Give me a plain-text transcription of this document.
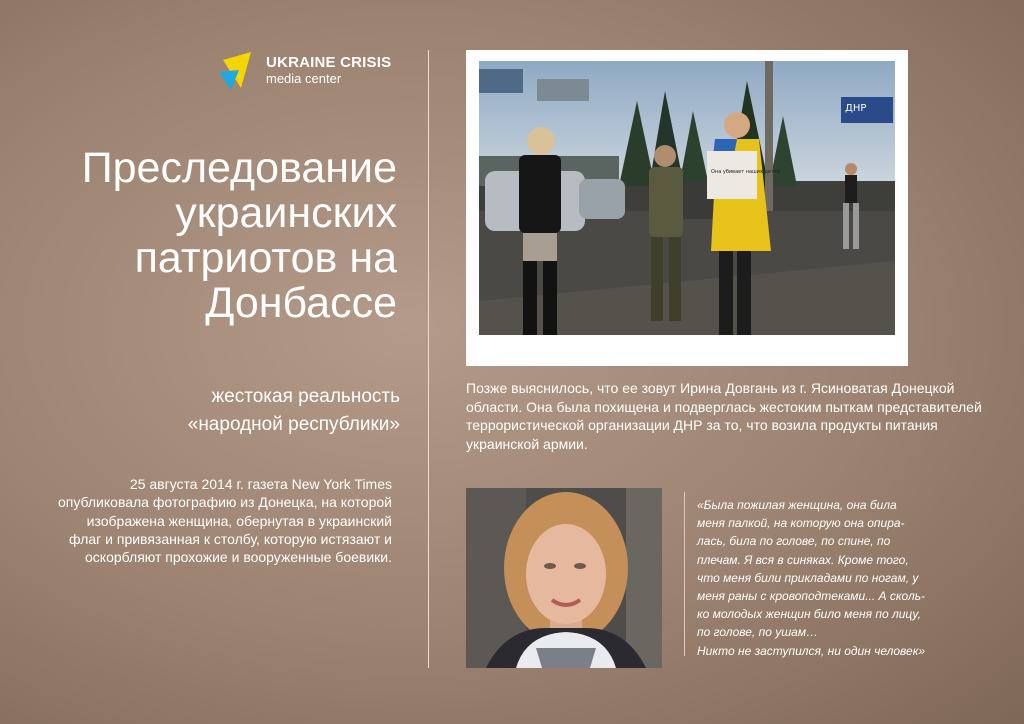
UKRAINE CRISIS
media center
Преследование украинских патриотов на Донбассе
жестокая реальность
«народной республики»
25 августа 2014 г. газета New York Times опубликовала фотографию из Донецка, на которой изображена женщина, обернутая в украинский флаг и привязанная к столбу, которую истязают и оскорбляют прохожие и вооруженные боевики.
ДНР
Она убивает наших детей
Позже выяснилось, что ее зовут Ирина Довгань из г. Ясиноватая Донецкой области. Она была похищена и подверглась жестоким пыткам представителей террористической организации ДНР за то, что возила продукты питания украинской армии.
«Была пожилая женщина, она била
меня палкой, на которую она опира-
лась, била по голове, по спине, по
плечам. Я вся в синяках. Кроме того,
что меня били прикладами по ногам, у
меня раны с кровоподтеками... А сколь-
ко молодых женщин било меня по лицу,
по голове, по ушам…
Никто не заступился, ни один человек»
